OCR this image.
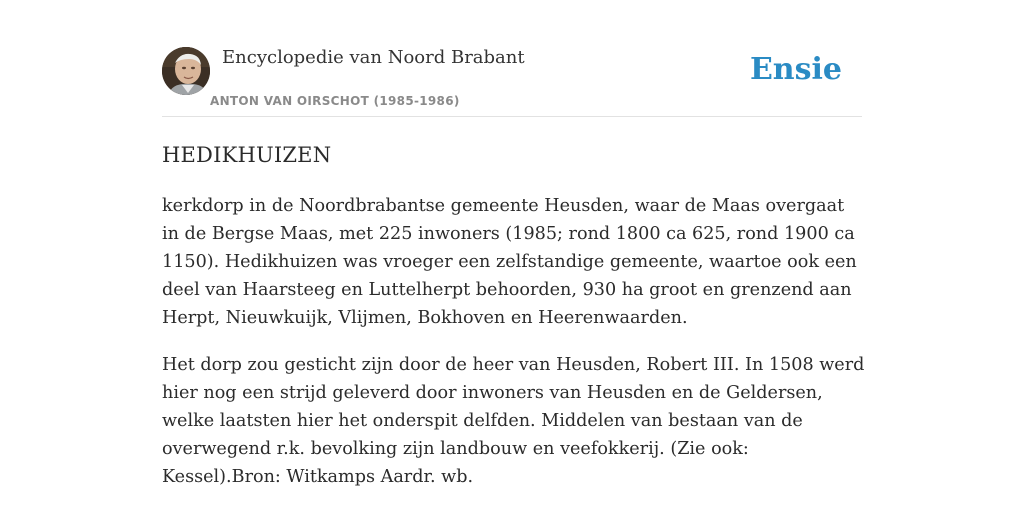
Encyclopedie van Noord Brabant
ANTON VAN OIRSCHOT (1985-1986)
Ensie
HEDIKHUIZEN

kerkdorp in de Noordbrabantse gemeente Heusden, waar de Maas overgaat in de Bergse Maas, met 225 inwoners (1985; rond 1800 ca 625, rond 1900 ca 1150). Hedikhuizen was vroeger een zelfstandige gemeente, waartoe ook een deel van Haarsteeg en Luttelherpt behoorden, 930 ha groot en grenzend aan Herpt, Nieuwkuijk, Vlijmen, Bokhoven en Heerenwaarden.

Het dorp zou gesticht zijn door de heer van Heusden, Robert III. In 1508 werd hier nog een strijd geleverd door inwoners van Heusden en de Geldersen, welke laatsten hier het onderspit delfden. Middelen van bestaan van de overwegend r.k. bevolking zijn landbouw en veefokkerij. (Zie ook: Kessel).Bron: Witkamps Aardr. wb.
